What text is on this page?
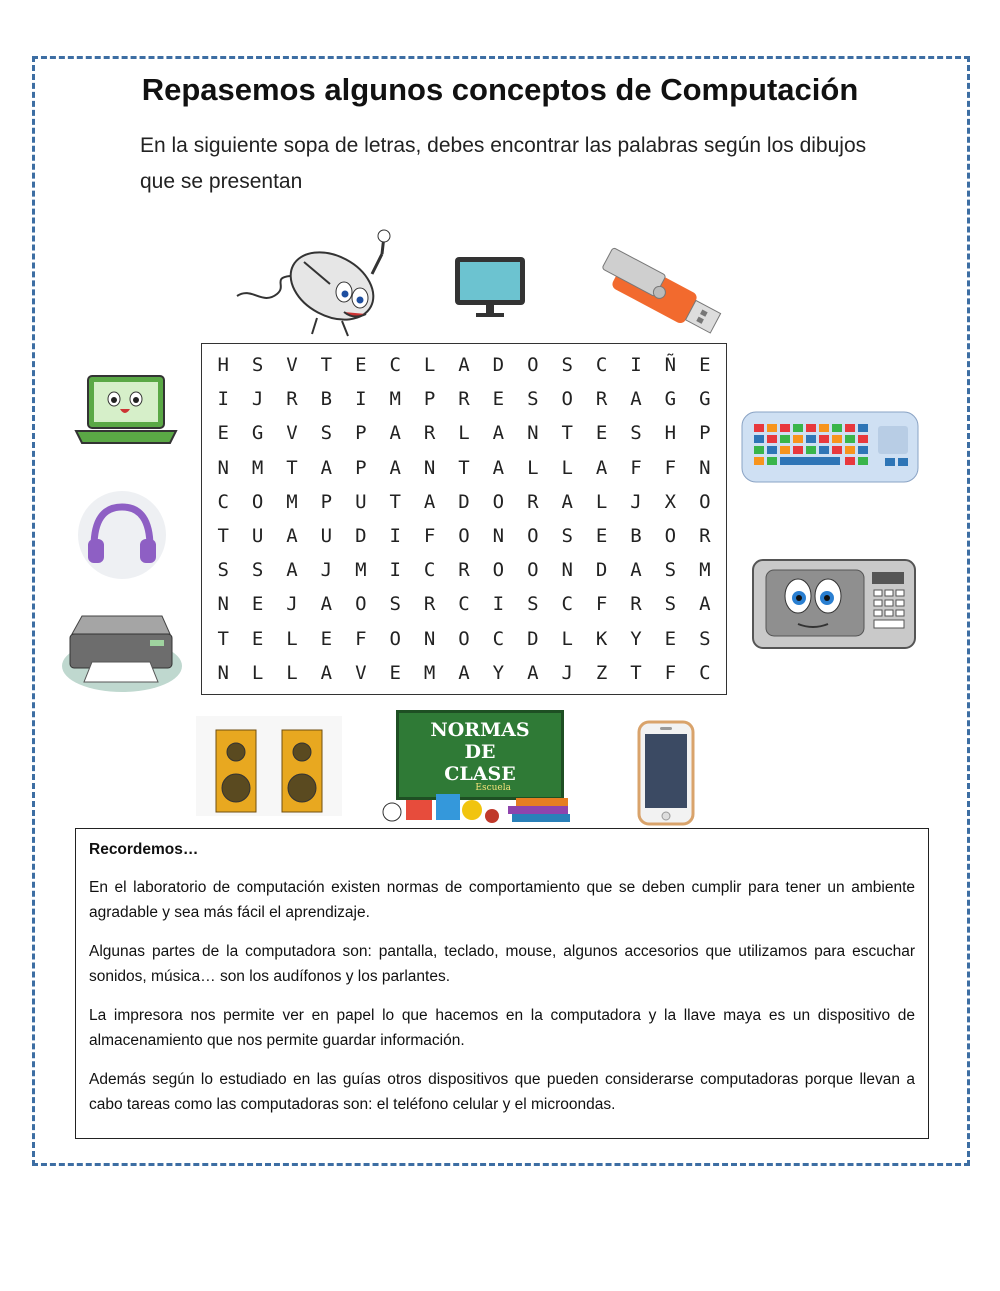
Repasemos algunos conceptos de Computación
En la siguiente sopa de letras, debes encontrar las palabras según los dibujos que se presentan
NORMAS
DE
CLASE
Escuela
H	S	V	T	E	C	L	A	D	O	S	C	I	Ñ	E
I	J	R	B	I	M	P	R	E	S	O	R	A	G	G
E	G	V	S	P	A	R	L	A	N	T	E	S	H	P
N	M	T	A	P	A	N	T	A	L	L	A	F	F	N
C	O	M	P	U	T	A	D	O	R	A	L	J	X	O
T	U	A	U	D	I	F	O	N	O	S	E	B	O	R
S	S	A	J	M	I	C	R	O	O	N	D	A	S	M
N	E	J	A	O	S	R	C	I	S	C	F	R	S	A
T	E	L	E	F	O	N	O	C	D	L	K	Y	E	S
N	L	L	A	V	E	M	A	Y	A	J	Z	T	F	C

Recordemos…

En el laboratorio de computación existen normas de comportamiento que se deben cumplir para tener un ambiente agradable y sea más fácil el aprendizaje.

Algunas partes de la computadora son: pantalla, teclado, mouse, algunos accesorios que utilizamos para escuchar sonidos, música… son los audífonos y los parlantes.

La impresora nos permite ver en papel lo que hacemos en la computadora y la llave maya es un dispositivo de almacenamiento que nos permite guardar información.

Además según lo estudiado en las guías otros dispositivos que pueden considerarse computadoras porque llevan a cabo tareas como las computadoras son: el teléfono celular y el microondas.
